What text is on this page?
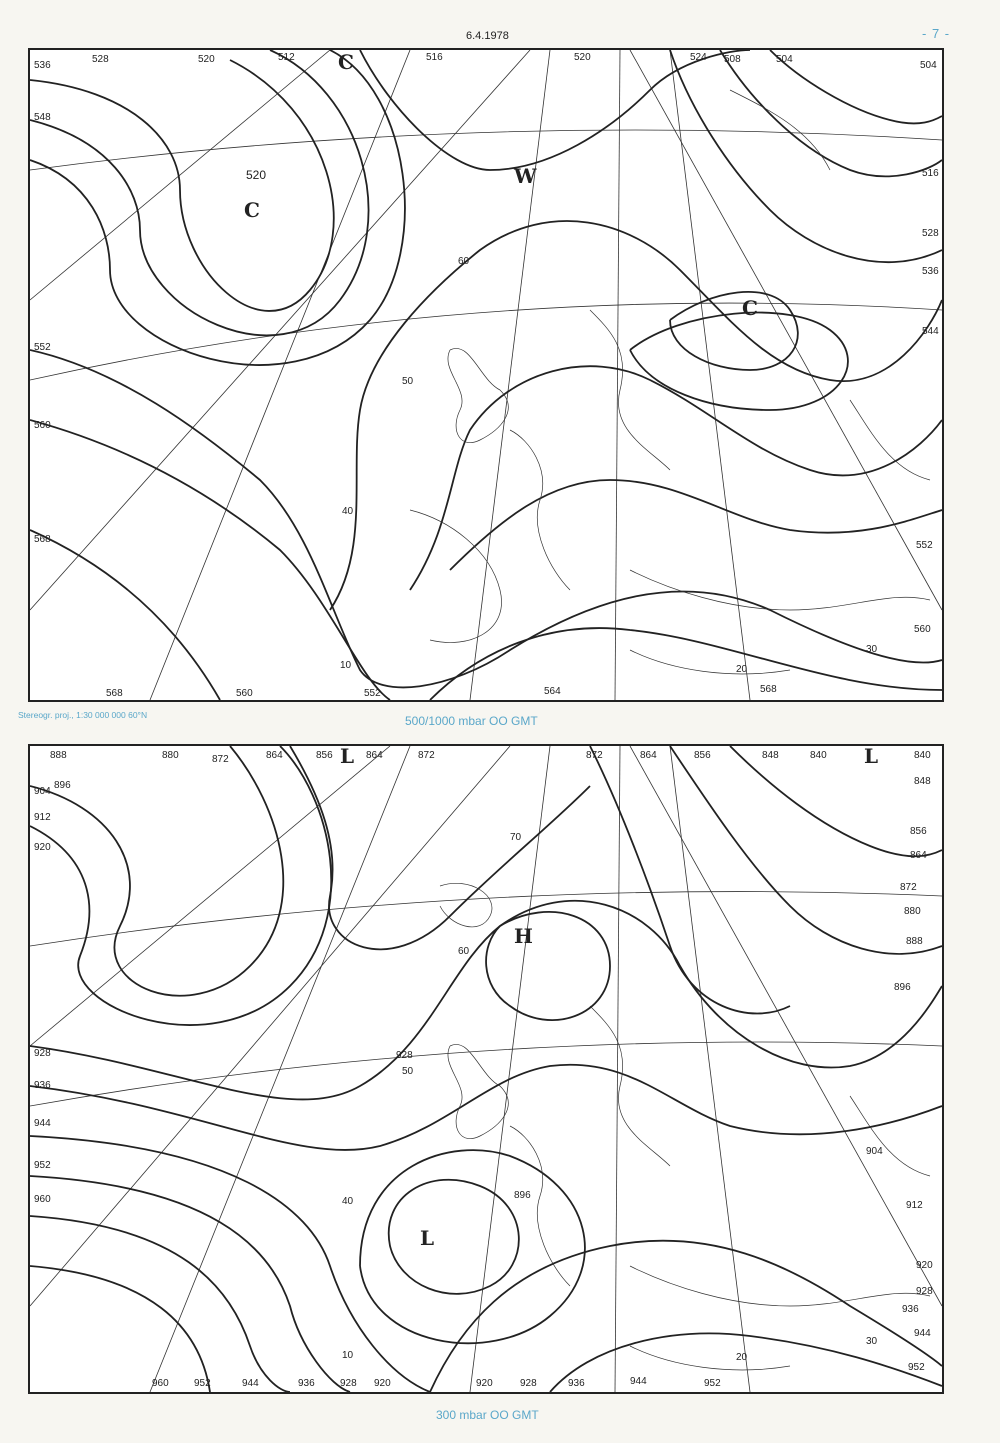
6.4.1978	- 7 -
536
528	520	512	516	520	524 508	504
504
548
552
560
568
568	560	552	564	568
544
536
528
516
552
560
60
50
40
30
20
10
C
520	W
C
C
Stereogr. proj., 1:30 000 000 60°N	500/1000 mbar OO GMT
888	880	872	864	856	864	872	872	864	856	848	840	840
848
896
904
912
920
928
936
944
952
960
928
896
904
912
920
928
936
944
952
960	952	944	936	928 920	920	928	936	944	952
896
880
888
856
864
872
70
60
50
40
30
20
10
H
L
L	L
300 mbar OO GMT
